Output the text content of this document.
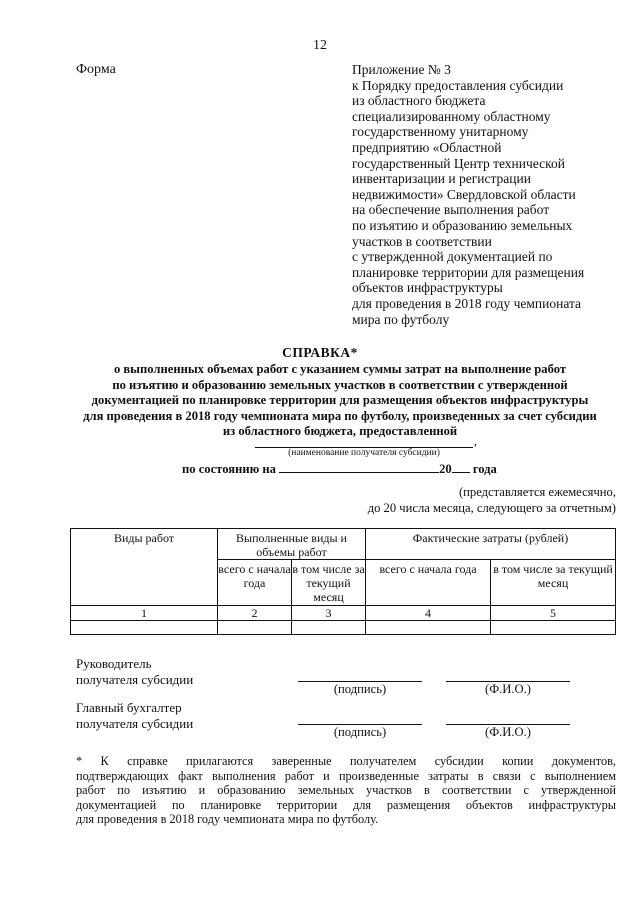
12
Форма	Приложение № 3
к Порядку предоставления субсидии
из областного бюджета
специализированному областному
государственному унитарному
предприятию «Областной
государственный Центр технической
инвентаризации и регистрации
недвижимости» Свердловской области
на обеспечение выполнения работ
по изъятию и образованию земельных
участков в соответствии
с утвержденной документацией по
планировке территории для размещения
объектов инфраструктуры
для проведения в 2018 году чемпионата
мира по футболу
СПРАВКА*
о выполненных объемах работ с указанием суммы затрат на выполнение работ
по изъятию и образованию земельных участков в соответствии с утвержденной
документацией по планировке территории для размещения объектов инфраструктуры
для проведения в 2018 году чемпионата мира по футболу, произведенных за счет субсидии
из областного бюджета, предоставленной
,
(наименование получателя субсидии)
по состоянию на	20 года
(представляется ежемесячно,
до 20 числа месяца, следующего за отчетным)
Виды работ	Выполненные виды и объемы работ		Фактические затраты (рублей)	
	всего с начала года	в том числе за текущий месяц	всего с начала года	в том числе за текущий месяц
1	2	3	4	5

Руководитель
получателя субсидии
(подпись)	(Ф.И.О.)
Главный бухгалтер
получателя субсидии
(подпись)	(Ф.И.О.)
* К справке прилагаются заверенные получателем субсидии копии документов,
подтверждающих факт выполнения работ и произведенные затраты в связи с выполнением
работ по изъятию и образованию земельных участков в соответствии с утвержденной
документацией по планировке территории для размещения объектов инфраструктуры
для проведения в 2018 году чемпионата мира по футболу.
